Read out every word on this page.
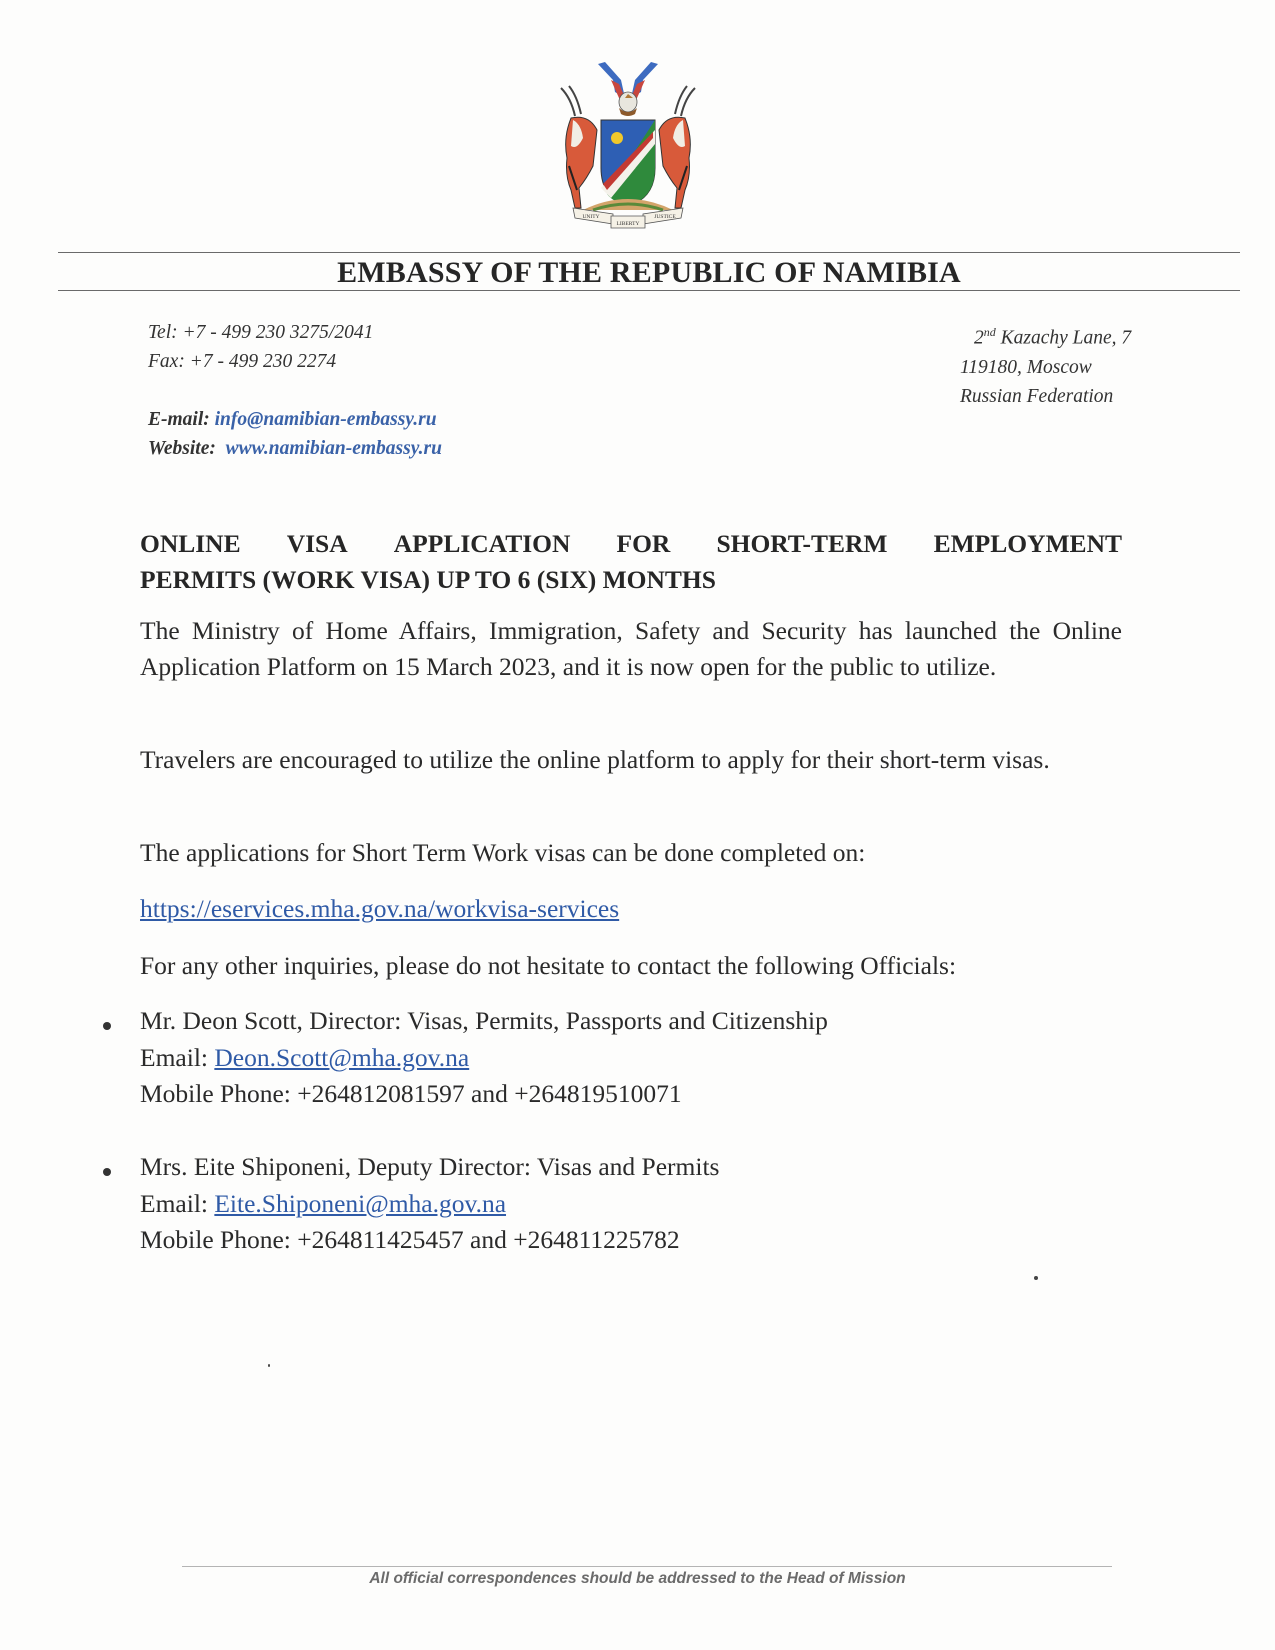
UNITY
LIBERTY
JUSTICE
EMBASSY OF THE REPUBLIC OF NAMIBIA
Tel: +7 - 499 230 3275/2041
Fax: +7 - 499 230 2274
2nd Kazachy Lane, 7
119180, Moscow
Russian Federation
E-mail: info@namibian-embassy.ru
Website: www.namibian-embassy.ru
ONLINE VISA APPLICATION FOR SHORT-TERM EMPLOYMENT
PERMITS (WORK VISA) UP TO 6 (SIX) MONTHS
The Ministry of Home Affairs, Immigration, Safety and Security has launched the Online Application Platform on 15 March 2023, and it is now open for the public to utilize.
Travelers are encouraged to utilize the online platform to apply for their short-term visas.
The applications for Short Term Work visas can be done completed on:
https://eservices.mha.gov.na/workvisa-services
For any other inquiries, please do not hesitate to contact the following Officials:
Mr. Deon Scott, Director: Visas, Permits, Passports and Citizenship
Email: Deon.Scott@mha.gov.na
Mobile Phone: +264812081597 and +264819510071
Mrs. Eite Shiponeni, Deputy Director: Visas and Permits
Email: Eite.Shiponeni@mha.gov.na
Mobile Phone: +264811425457 and +264811225782
All official correspondences should be addressed to the Head of Mission
